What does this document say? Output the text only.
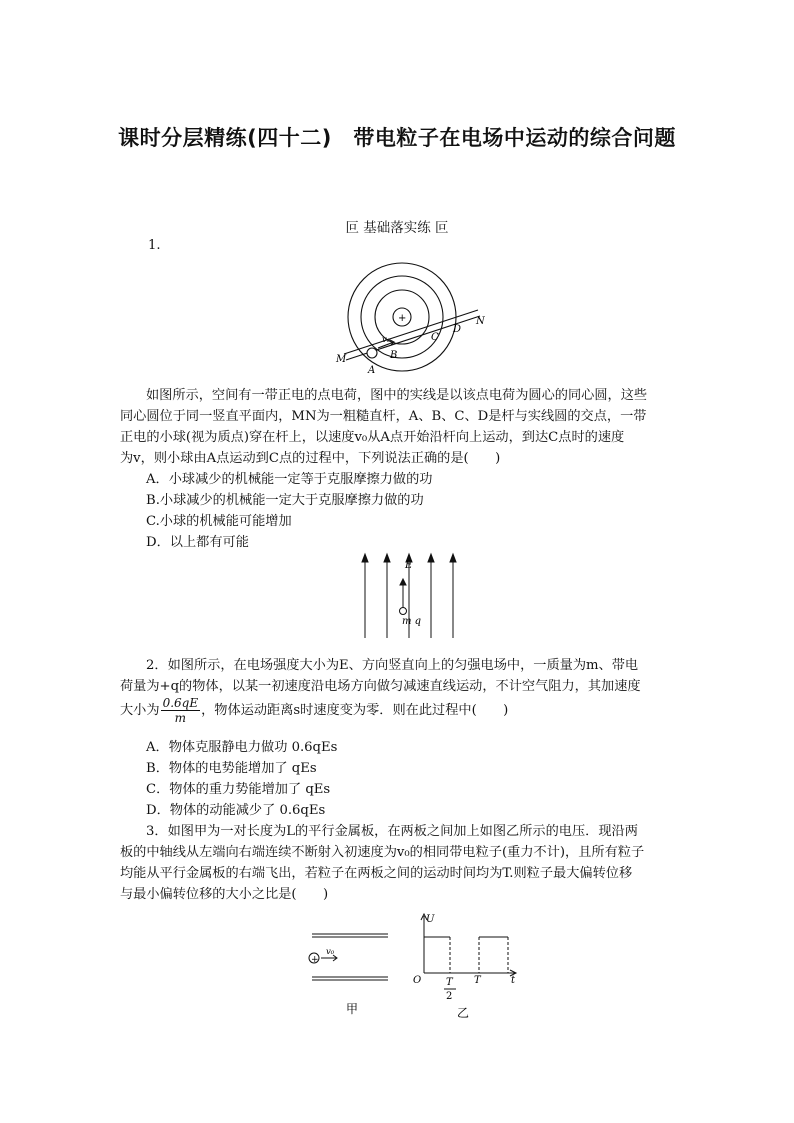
课时分层精练(四十二)　带电粒子在电场中运动的综合问题
叵 基础落实练 叵
1.
+
M
A
B
C
D
N
v₀
如图所示，空间有一带正电的点电荷，图中的实线是以该点电荷为圆心的同心圆，这些
同心圆位于同一竖直平面内，MN为一粗糙直杆，A、B、C、D是杆与实线圆的交点，一带
正电的小球(视为质点)穿在杆上，以速度v₀从A点开始沿杆向上运动，到达C点时的速度
为v，则小球由A点运动到C点的过程中，下列说法正确的是(　　)
A．小球减少的机械能一定等于克服摩擦力做的功
B.小球减少的机械能一定大于克服摩擦力做的功
C.小球的机械能可能增加
D．以上都有可能
E
m q
2．如图所示，在电场强度大小为E、方向竖直向上的匀强电场中，一质量为m、带电
荷量为+q的物体，以某一初速度沿电场方向做匀减速直线运动，不计空气阻力，其加速度
大小为 $\frac{0.6qE}{m}$ ，物体运动距离s时速度变为零．则在此过程中(　　)
A．物体克服静电力做功 0.6qEs
B．物体的电势能增加了 qEs
C．物体的重力势能增加了 qEs
D．物体的动能减少了 0.6qEs
3．如图甲为一对长度为L的平行金属板，在两板之间加上如图乙所示的电压．现沿两
板的中轴线从左端向右端连续不断射入初速度为v₀的相同带电粒子(重力不计)，且所有粒子
均能从平行金属板的右端飞出，若粒子在两板之间的运动时间均为T.则粒子最大偏转位移
与最小偏转位移的大小之比是(　　)
+
v₀
U
O	t
T
2
T
甲	乙
